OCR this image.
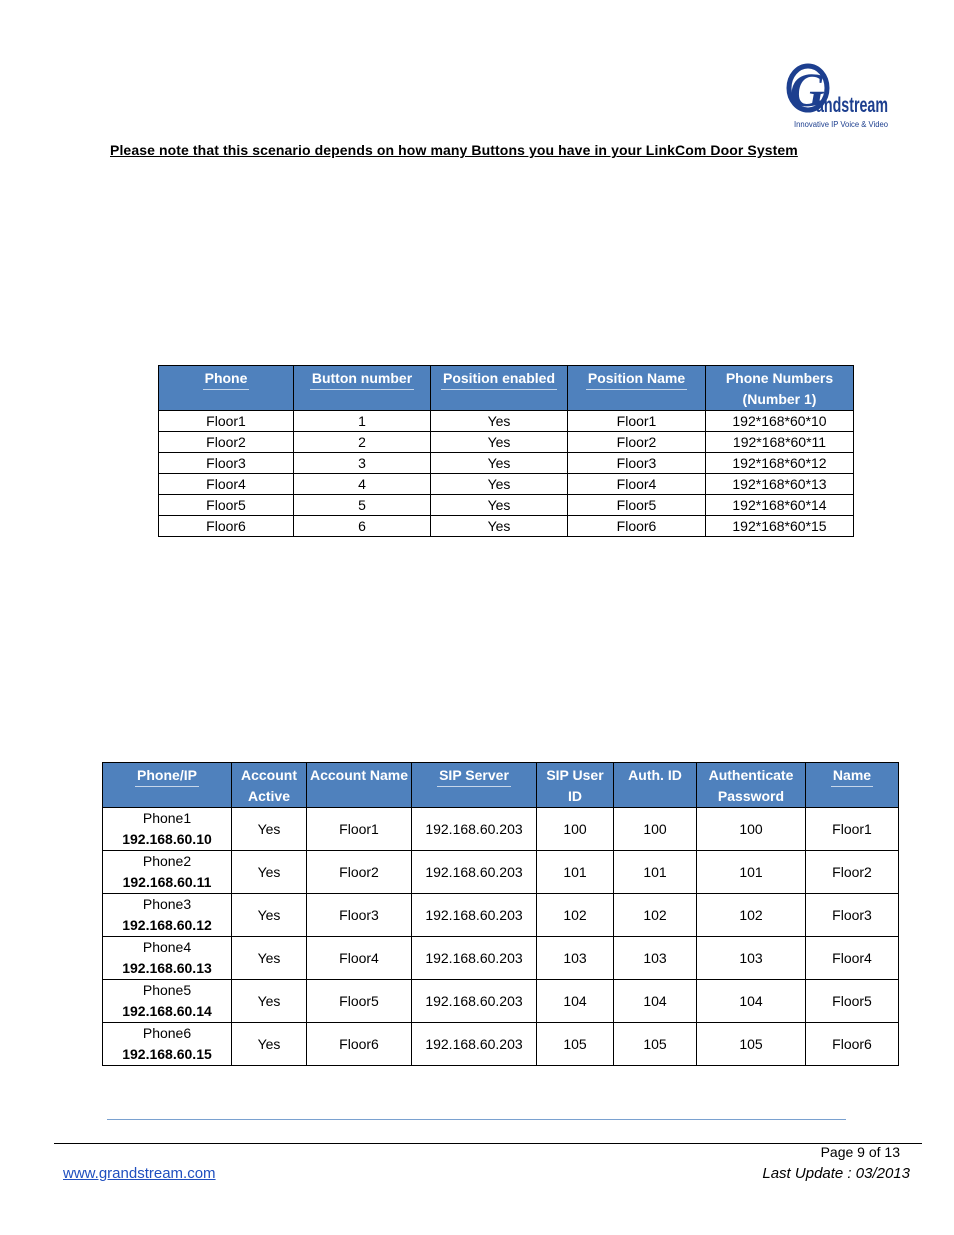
G
andstream
Innovative IP Voice & Video

Please note that this scenario depends on how many Buttons you have in your LinkCom Door System

Phone	Button number	Position enabled	Position Name	Phone Numbers (Number 1)
Floor1	1	Yes	Floor1	192*168*60*10
Floor2	2	Yes	Floor2	192*168*60*11
Floor3	3	Yes	Floor3	192*168*60*12
Floor4	4	Yes	Floor4	192*168*60*13
Floor5	5	Yes	Floor5	192*168*60*14
Floor6	6	Yes	Floor6	192*168*60*15
Phone/IP	Account Active	Account Name	SIP Server	SIP User ID	Auth. ID	Authenticate Password	Name

Phone1
192.168.60.10	Yes	Floor1	192.168.60.203	100	100	100	Floor1

Phone2
192.168.60.11	Yes	Floor2	192.168.60.203	101	101	101	Floor2

Phone3
192.168.60.12	Yes	Floor3	192.168.60.203	102	102	102	Floor3

Phone4
192.168.60.13	Yes	Floor4	192.168.60.203	103	103	103	Floor4

Phone5
192.168.60.14	Yes	Floor5	192.168.60.203	104	104	104	Floor5

Phone6
192.168.60.15	Yes	Floor6	192.168.60.203	105	105	105	Floor6
Page 9 of 13
www.grandstream.com	Last Update : 03/2013
